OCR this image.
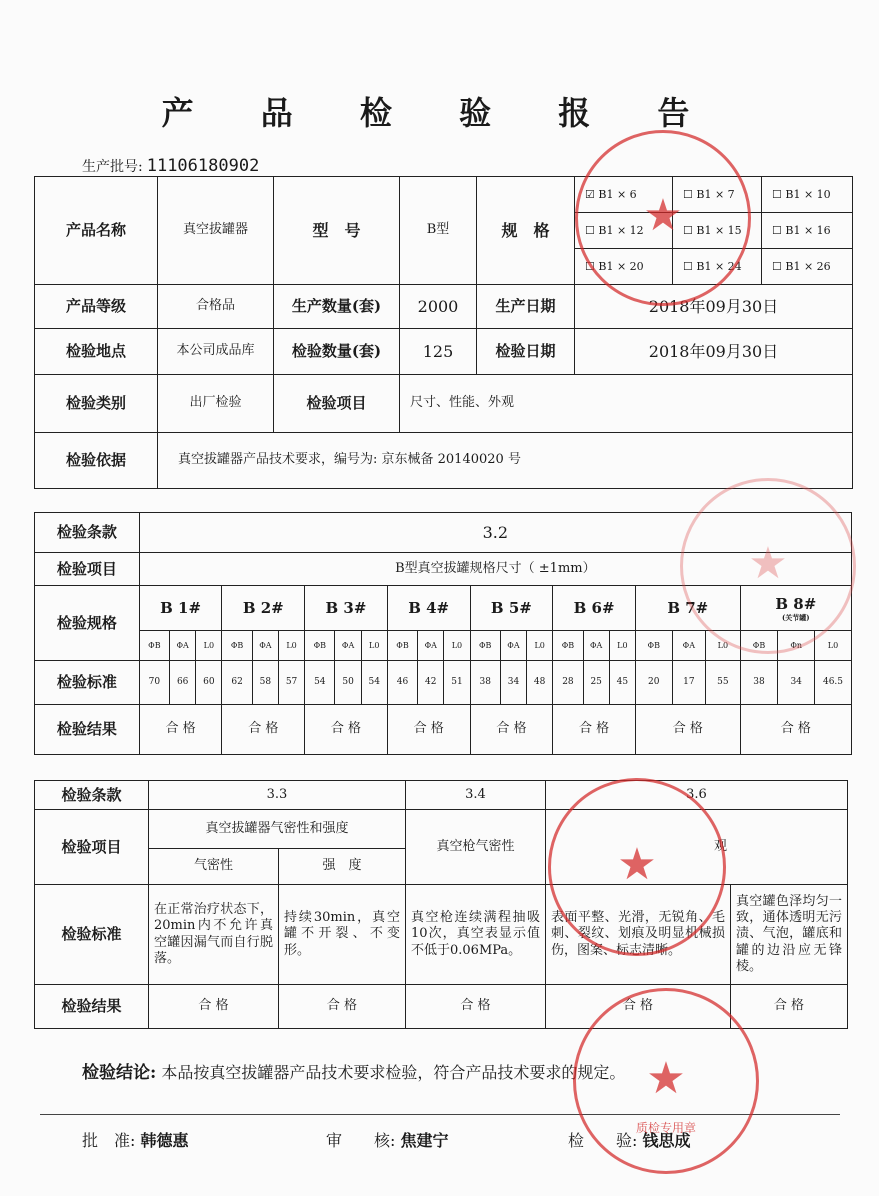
产 品 检 验 报 告
生产批号: 11106180902
产品名称	真空拔罐器	型　号	B型	规　格	☑ B1 × 6	☐ B1 × 7	☐ B1 × 10
					☐ B1 × 12	☐ B1 × 15	☐ B1 × 16
					☐ B1 × 20	☐ B1 × 24	☐ B1 × 26
产品等级	合格品	生产数量(套)	2000	生产日期	2018年09月30日		
检验地点	本公司成品库	检验数量(套)	125	检验日期	2018年09月30日		
检验类别	出厂检验	检验项目	尺寸、性能、外观				
检验依据	真空拔罐器产品技术要求，编号为: 京东械备 20140020 号						
检验条款	3.2																							
检验项目	B型真空拔罐规格尺寸（ ±1mm）																							
检验规格	B 1#			B 2#			B 3#			B 4#			B 5#			B 6#			B 7#			B 8#
(关节罐)		

	ΦB	ΦA	L0	ΦB	ΦA	L0	ΦB	ΦA	L0	ΦB	ΦA	L0	ΦB	ΦA	L0	ΦB	ΦA	L0	ΦB	ΦA	L0	ΦB	Φn	L0
检验标准	70	66	60	62	58	57	54	50	54	46	42	51	38	34	48	28	25	45	20	17	55	38	34	46.5
检验结果	合 格			合 格			合 格			合 格			合 格			合 格			合 格			合 格		
检验条款	3.3		3.4	3.6	
检验项目	真空拔罐器气密性和强度		真空枪气密性	观	
	气密性	强　度			
检验标准	在正常治疗状态下，20min内不允许真空罐因漏气而自行脱落。	持续30min，真空罐不开裂、不变形。	真空枪连续满程抽吸10次，真空表显示值不低于0.06MPa。	表面平整、光滑，无锐角、毛刺、裂纹、划痕及明显机械损伤，图案、标志清晰。	真空罐色泽均匀一致，通体透明无污渍、气泡，罐底和罐的边沿应无锋棱。
检验结果	合 格	合 格	合 格	合 格	合 格
检验结论: 本品按真空拔罐器产品技术要求检验，符合产品技术要求的规定。
批　准: 韩德惠	审　　核: 焦建宁	检　　验: 钱思成
★
★
★
★
质检专用章
